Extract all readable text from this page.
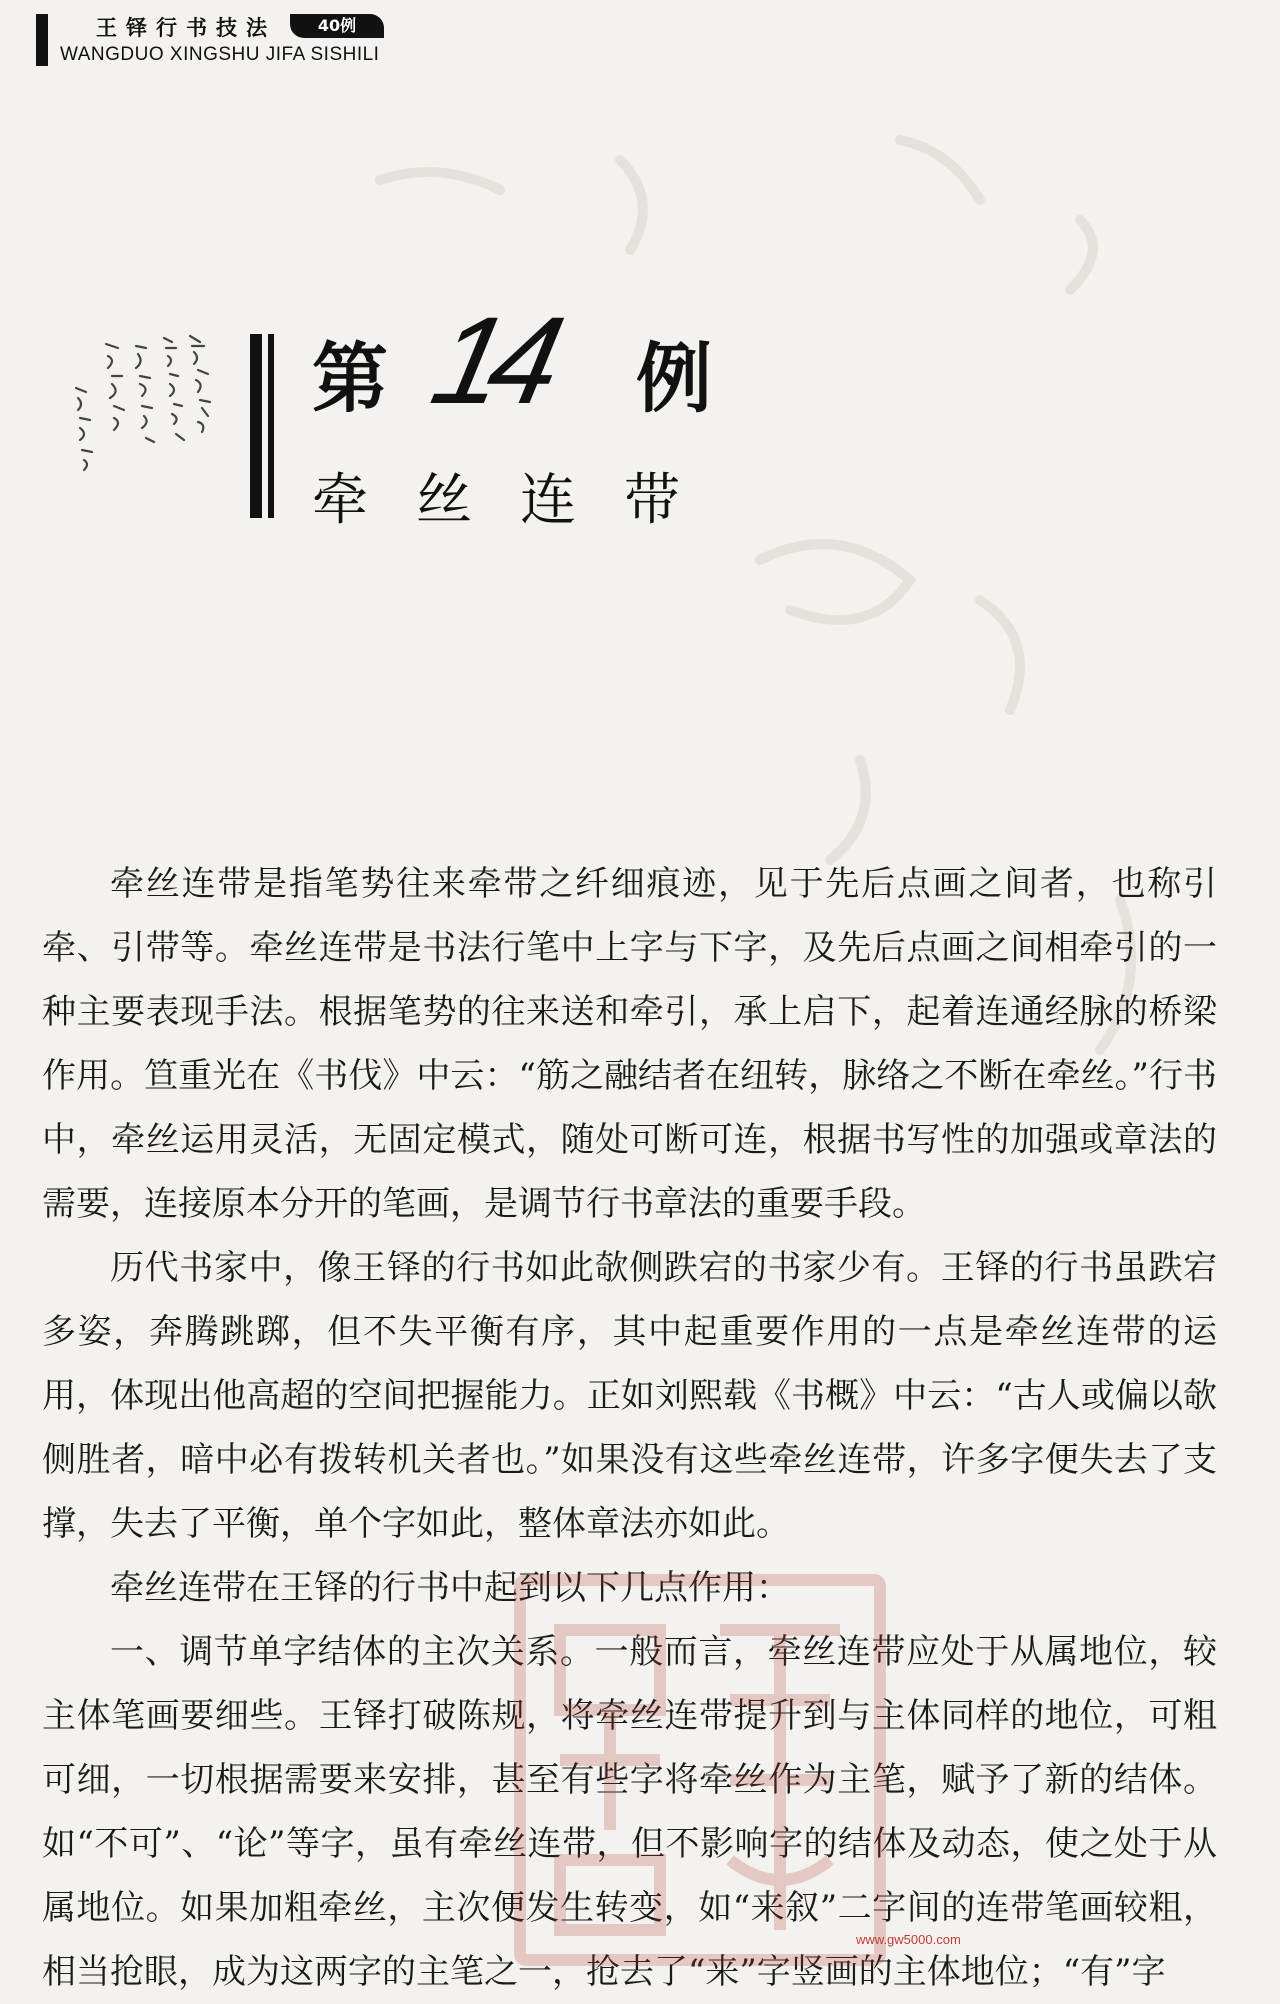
王铎行书技法	40例
WANGDUO XINGSHU JIFA SISHILI
第 14 例
牵丝连带

牵丝连带是指笔势往来牵带之纤细痕迹，见于先后点画之间者，也称引牵、引带等。牵丝连带是书法行笔中上字与下字，及先后点画之间相牵引的一种主要表现手法。根据笔势的往来送和牵引，承上启下，起着连通经脉的桥梁作用。笪重光在《书伐》中云：“筋之融结者在纽转，脉络之不断在牵丝。”行书中，牵丝运用灵活，无固定模式，随处可断可连，根据书写性的加强或章法的需要，连接原本分开的笔画，是调节行书章法的重要手段。

历代书家中，像王铎的行书如此欹侧跌宕的书家少有。王铎的行书虽跌宕多姿，奔腾跳踯，但不失平衡有序，其中起重要作用的一点是牵丝连带的运用，体现出他高超的空间把握能力。正如刘熙载《书概》中云：“古人或偏以欹侧胜者，暗中必有拨转机关者也。”如果没有这些牵丝连带，许多字便失去了支撑，失去了平衡，单个字如此，整体章法亦如此。

牵丝连带在王铎的行书中起到以下几点作用：

一、调节单字结体的主次关系。一般而言，牵丝连带应处于从属地位，较主体笔画要细些。王铎打破陈规，将牵丝连带提升到与主体同样的地位，可粗可细，一切根据需要来安排，甚至有些字将牵丝作为主笔，赋予了新的结体。如“不可”、“论”等字，虽有牵丝连带，但不影响字的结体及动态，使之处于从属地位。如果加粗牵丝，主次便发生转变，如“来叙”二字间的连带笔画较粗，相当抢眼，成为这两字的主笔之一，抢去了“来”字竖画的主体地位；“有”字

www.gw5000.com
